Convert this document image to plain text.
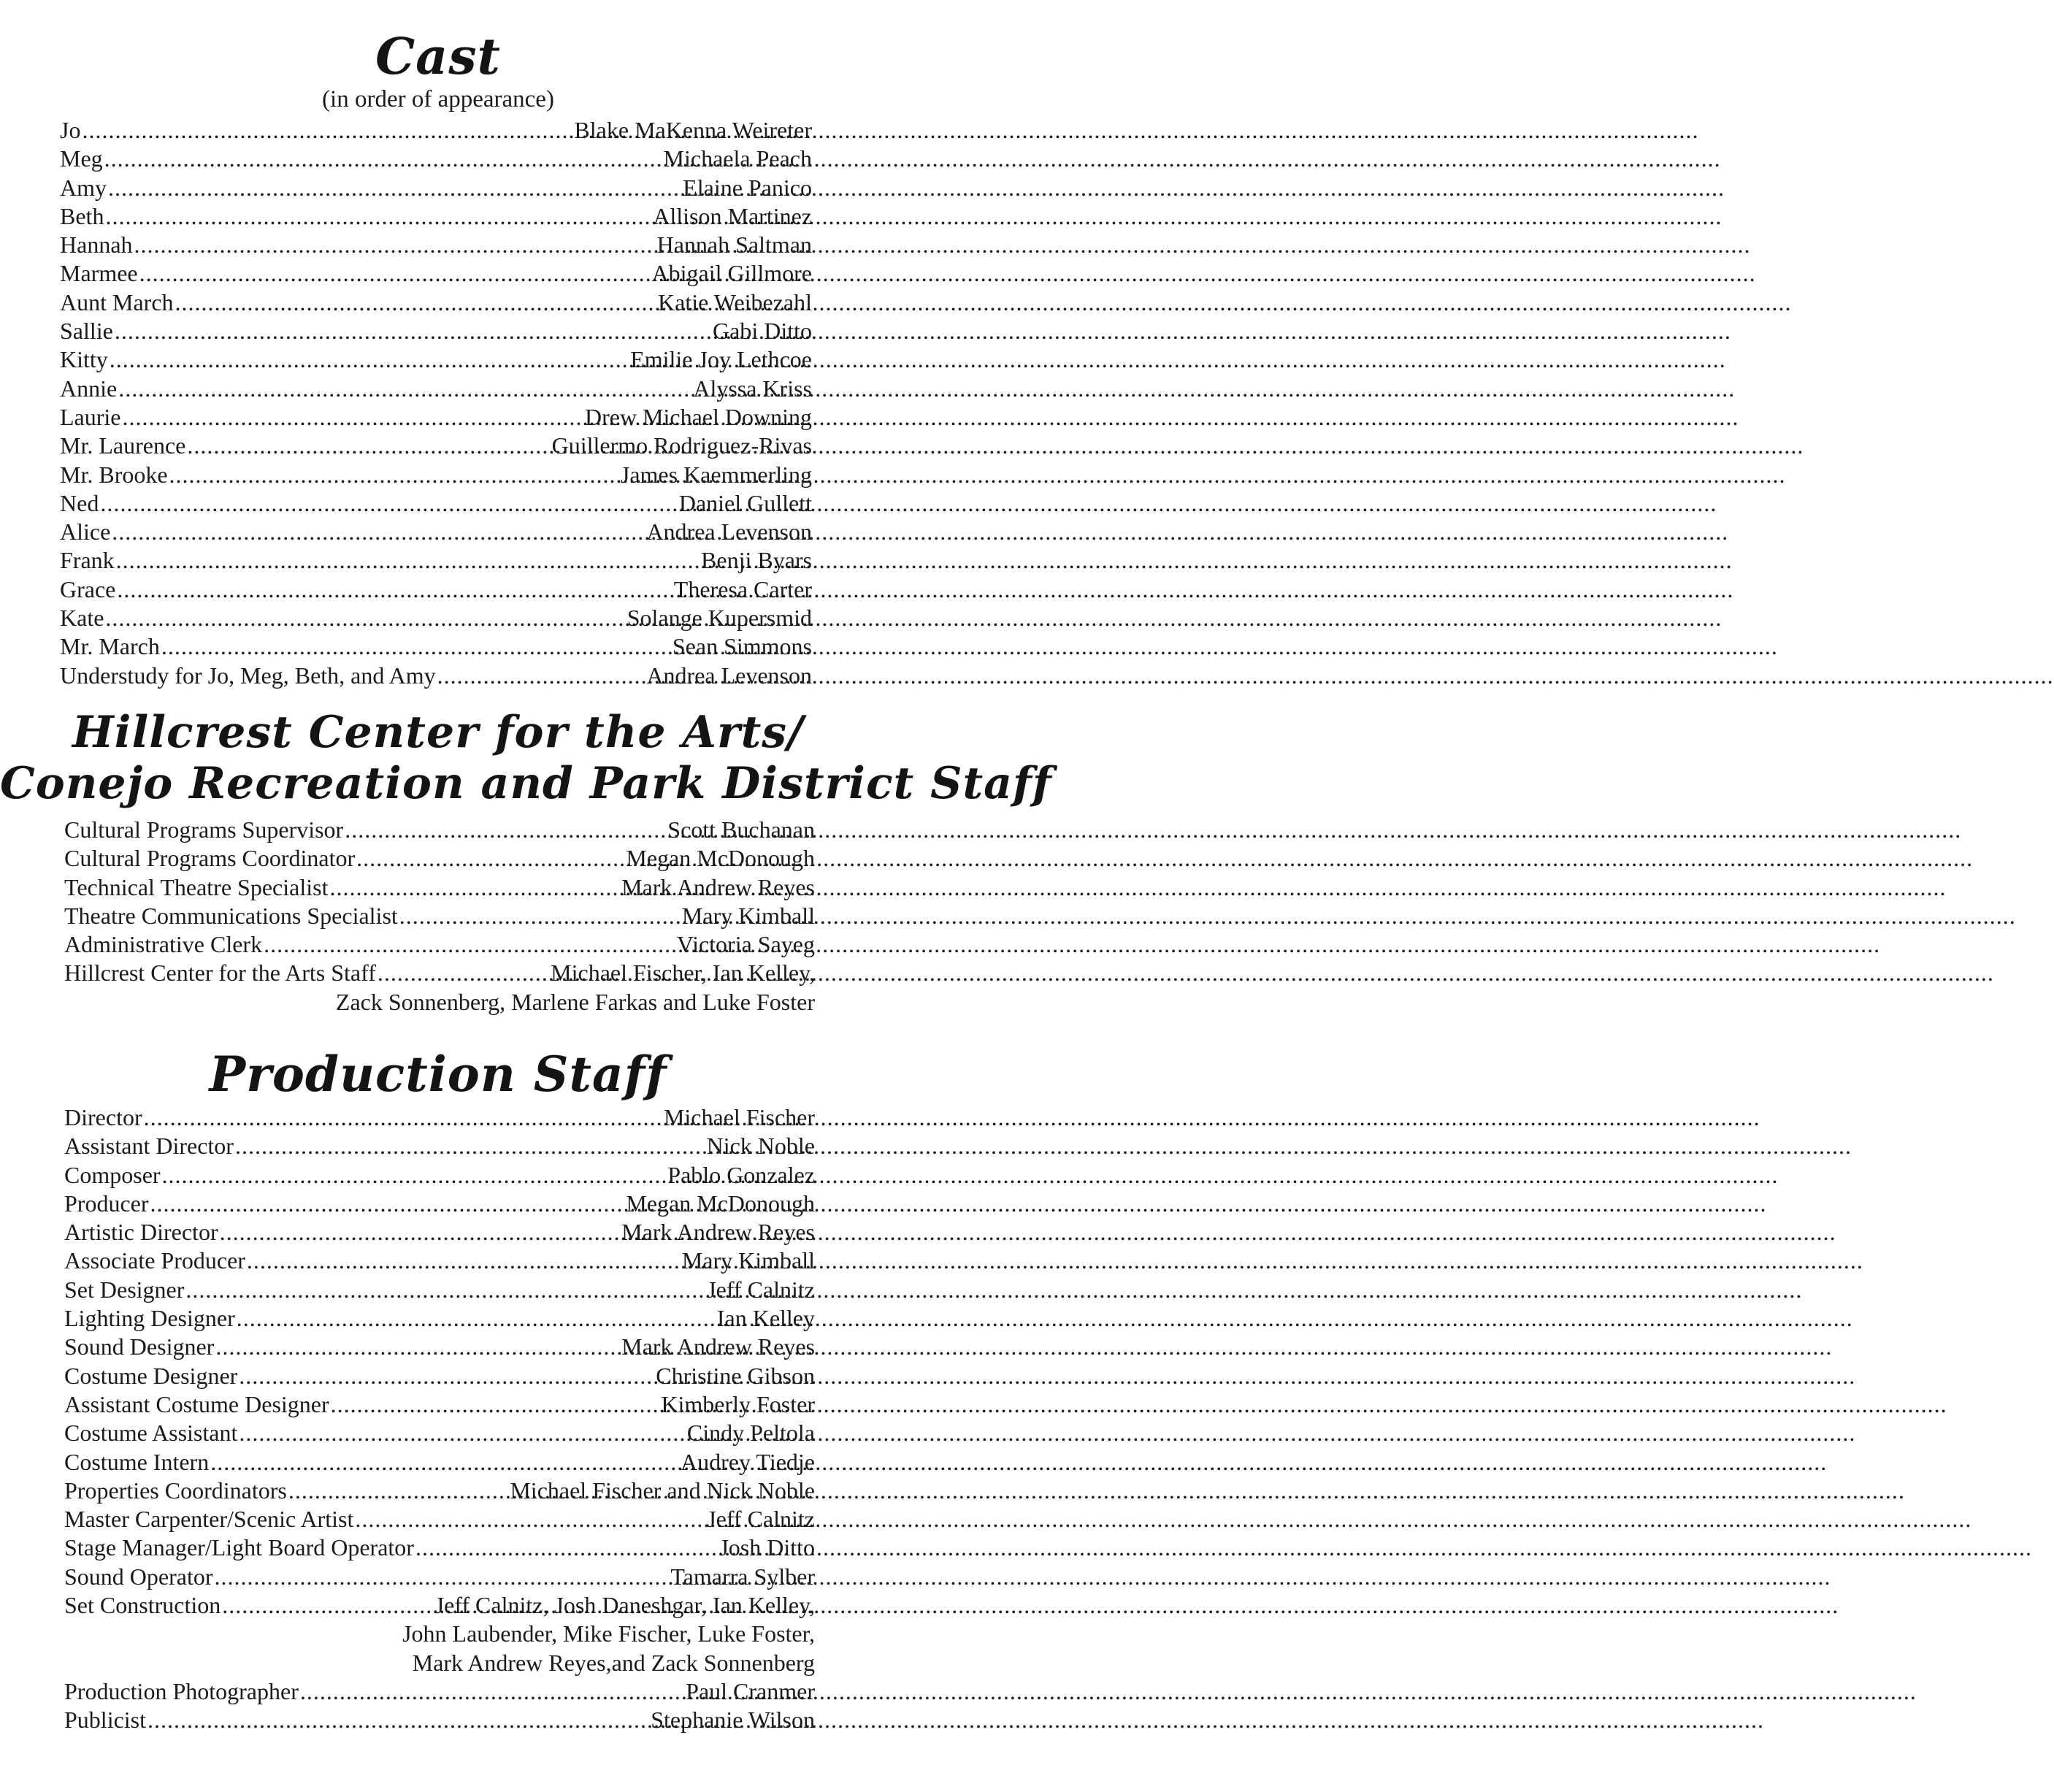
Cast
(in order of appearance)
Jo .....	Blake MaKenna Weireter
Meg .....	Michaela Peach
Amy .....	Elaine Panico
Beth .....	Allison Martinez
Hannah .....	Hannah Saltman
Marmee .....	Abigail Gillmore
Aunt March .....	Katie Weibezahl
Sallie .....	Gabi Ditto
Kitty .....	Emilie Joy Lethcoe
Annie .....	Alyssa Kriss
Laurie .....	Drew Michael Downing
Mr. Laurence .....	Guillermo Rodriguez-Rivas
Mr. Brooke .....	James Kaemmerling
Ned .....	Daniel Gullett
Alice .....	Andrea Levenson
Frank .....	Benji Byars
Grace .....	Theresa Carter
Kate .....	Solange Kupersmid
Mr. March .....	Sean Simmons
Understudy for Jo, Meg, Beth, and Amy .....	Andrea Levenson
Hillcrest Center for the Arts/
Conejo Recreation and Park District Staff
Cultural Programs Supervisor .....	Scott Buchanan
Cultural Programs Coordinator .....	Megan McDonough
Technical Theatre Specialist .....	Mark Andrew Reyes
Theatre Communications Specialist .....	Mary Kimball
Administrative Clerk .....	Victoria Sayeg
Hillcrest Center for the Arts Staff .....	Michael Fischer, Ian Kelley,
Zack Sonnenberg, Marlene Farkas and Luke Foster
Production Staff
Director .....	Michael Fischer
Assistant Director .....	Nick Noble
Composer .....	Pablo Gonzalez
Producer .....	Megan McDonough
Artistic Director .....	Mark Andrew Reyes
Associate Producer .....	Mary Kimball
Set Designer .....	Jeff Calnitz
Lighting Designer .....	Ian Kelley
Sound Designer .....	Mark Andrew Reyes
Costume Designer .....	Christine Gibson
Assistant Costume Designer .....	Kimberly Foster
Costume Assistant .....	Cindy Peltola
Costume Intern .....	Audrey Tiedje
Properties Coordinators .....	Michael Fischer and Nick Noble
Master Carpenter/Scenic Artist .....	Jeff Calnitz
Stage Manager/Light Board Operator .....	Josh Ditto
Sound Operator .....	Tamarra Sylber
Set Construction .....	Jeff Calnitz, Josh Daneshgar, Ian Kelley,
John Laubender, Mike Fischer, Luke Foster,
Mark Andrew Reyes,and Zack Sonnenberg
Production Photographer .....	Paul Cranmer
Publicist .....	Stephanie Wilson
